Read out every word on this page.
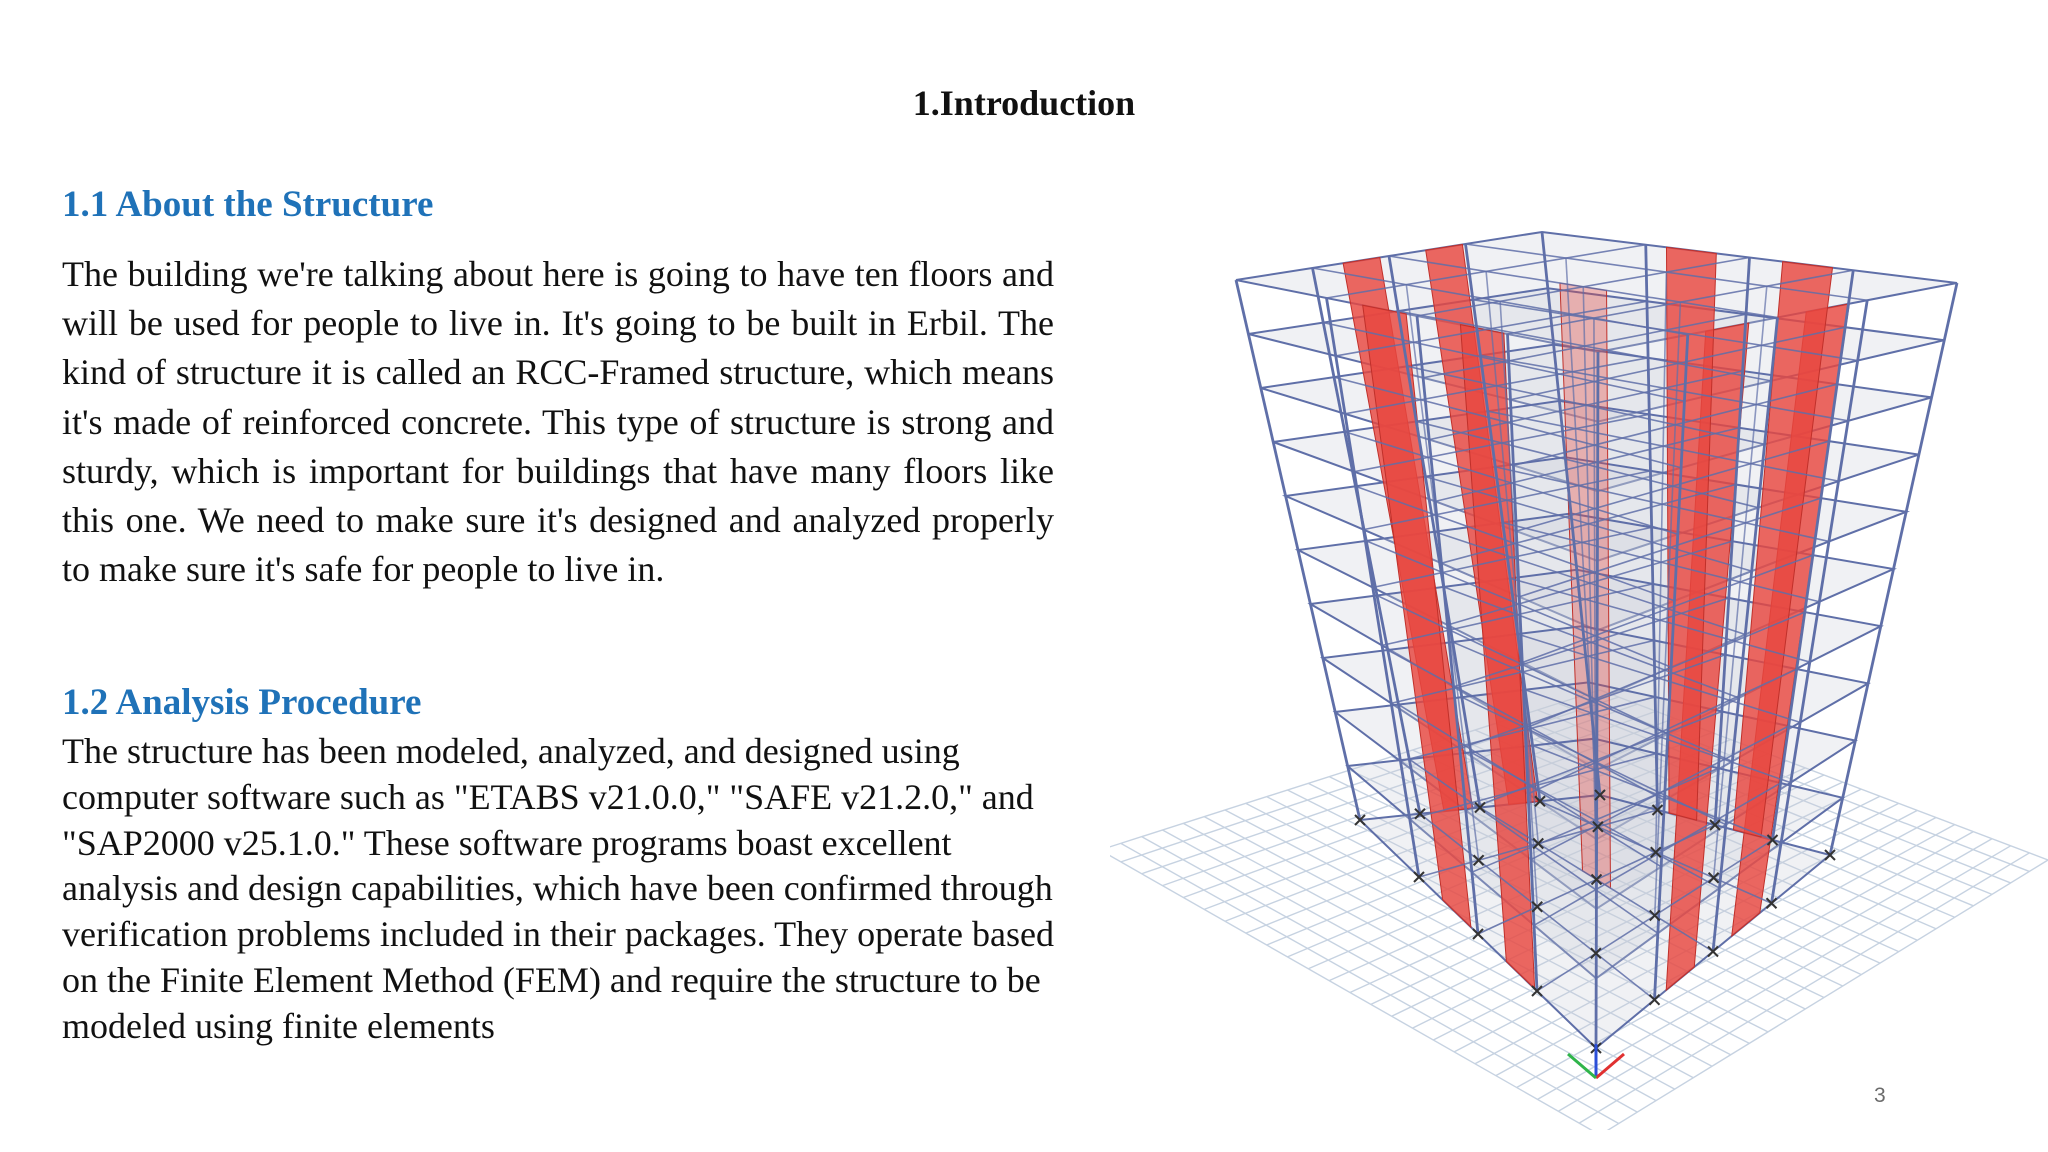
1.Introduction
1.1 About the Structure
The building we're talking about here is going to have ten floors and will be used for people to live in. It's going to be built in Erbil. The kind of structure it is called an RCC-Framed structure, which means it's made of reinforced concrete. This type of structure is strong and sturdy, which is important for buildings that have many floors like this one. We need to make sure it's designed and analyzed properly to make sure it's safe for people to live in.
1.2 Analysis Procedure
The structure has been modeled, analyzed, and designed using computer software such as "ETABS v21.0.0," "SAFE v21.2.0," and "SAP2000 v25.1.0." These software programs boast excellent analysis and design capabilities, which have been confirmed through verification problems included in their packages. They operate based on the Finite Element Method (FEM) and require the structure to be modeled using finite elements
3
